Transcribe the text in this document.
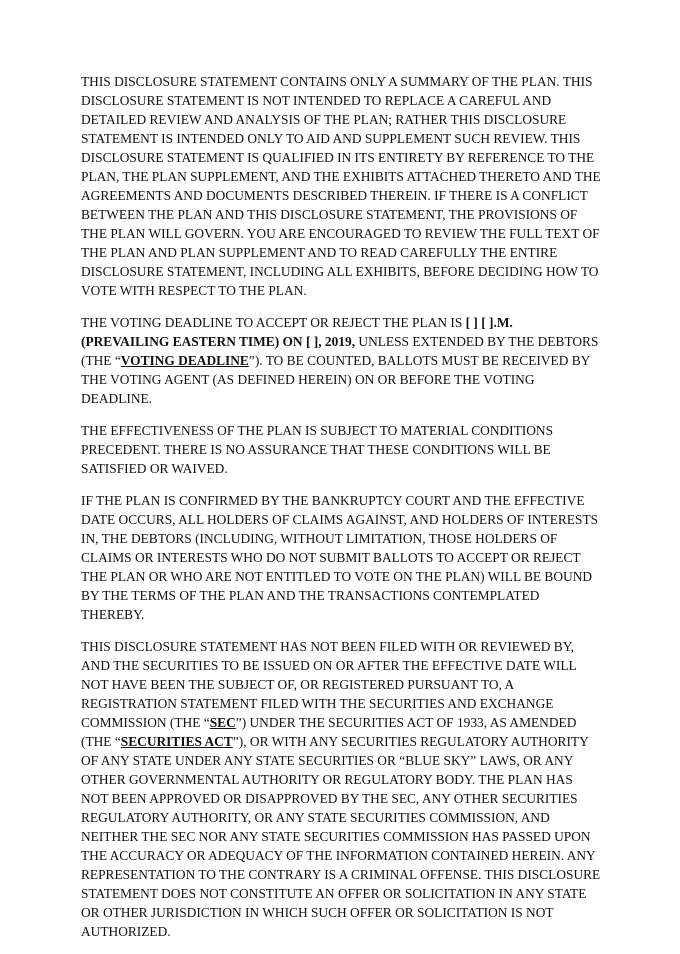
THIS DISCLOSURE STATEMENT CONTAINS ONLY A SUMMARY OF THE PLAN. THIS DISCLOSURE STATEMENT IS NOT INTENDED TO REPLACE A CAREFUL AND DETAILED REVIEW AND ANALYSIS OF THE PLAN; RATHER THIS DISCLOSURE STATEMENT IS INTENDED ONLY TO AID AND SUPPLEMENT SUCH REVIEW. THIS DISCLOSURE STATEMENT IS QUALIFIED IN ITS ENTIRETY BY REFERENCE TO THE PLAN, THE PLAN SUPPLEMENT, AND THE EXHIBITS ATTACHED THERETO AND THE AGREEMENTS AND DOCUMENTS DESCRIBED THEREIN. IF THERE IS A CONFLICT BETWEEN THE PLAN AND THIS DISCLOSURE STATEMENT, THE PROVISIONS OF THE PLAN WILL GOVERN. YOU ARE ENCOURAGED TO REVIEW THE FULL TEXT OF THE PLAN AND PLAN SUPPLEMENT AND TO READ CAREFULLY THE ENTIRE DISCLOSURE STATEMENT, INCLUDING ALL EXHIBITS, BEFORE DECIDING HOW TO VOTE WITH RESPECT TO THE PLAN.

THE VOTING DEADLINE TO ACCEPT OR REJECT THE PLAN IS [ ] [ ].M. (PREVAILING EASTERN TIME) ON [ ], 2019, UNLESS EXTENDED BY THE DEBTORS (THE “VOTING DEADLINE”). TO BE COUNTED, BALLOTS MUST BE RECEIVED BY THE VOTING AGENT (AS DEFINED HEREIN) ON OR BEFORE THE VOTING DEADLINE.

THE EFFECTIVENESS OF THE PLAN IS SUBJECT TO MATERIAL CONDITIONS PRECEDENT. THERE IS NO ASSURANCE THAT THESE CONDITIONS WILL BE SATISFIED OR WAIVED.

IF THE PLAN IS CONFIRMED BY THE BANKRUPTCY COURT AND THE EFFECTIVE DATE OCCURS, ALL HOLDERS OF CLAIMS AGAINST, AND HOLDERS OF INTERESTS IN, THE DEBTORS (INCLUDING, WITHOUT LIMITATION, THOSE HOLDERS OF CLAIMS OR INTERESTS WHO DO NOT SUBMIT BALLOTS TO ACCEPT OR REJECT THE PLAN OR WHO ARE NOT ENTITLED TO VOTE ON THE PLAN) WILL BE BOUND BY THE TERMS OF THE PLAN AND THE TRANSACTIONS CONTEMPLATED THEREBY.

THIS DISCLOSURE STATEMENT HAS NOT BEEN FILED WITH OR REVIEWED BY, AND THE SECURITIES TO BE ISSUED ON OR AFTER THE EFFECTIVE DATE WILL NOT HAVE BEEN THE SUBJECT OF, OR REGISTERED PURSUANT TO, A REGISTRATION STATEMENT FILED WITH THE SECURITIES AND EXCHANGE COMMISSION (THE “SEC”) UNDER THE SECURITIES ACT OF 1933, AS AMENDED (THE “SECURITIES ACT”), OR WITH ANY SECURITIES REGULATORY AUTHORITY OF ANY STATE UNDER ANY STATE SECURITIES OR “BLUE SKY” LAWS, OR ANY OTHER GOVERNMENTAL AUTHORITY OR REGULATORY BODY. THE PLAN HAS NOT BEEN APPROVED OR DISAPPROVED BY THE SEC, ANY OTHER SECURITIES REGULATORY AUTHORITY, OR ANY STATE SECURITIES COMMISSION, AND NEITHER THE SEC NOR ANY STATE SECURITIES COMMISSION HAS PASSED UPON THE ACCURACY OR ADEQUACY OF THE INFORMATION CONTAINED HEREIN. ANY REPRESENTATION TO THE CONTRARY IS A CRIMINAL OFFENSE. THIS DISCLOSURE STATEMENT DOES NOT CONSTITUTE AN OFFER OR SOLICITATION IN ANY STATE OR OTHER JURISDICTION IN WHICH SUCH OFFER OR SOLICITATION IS NOT AUTHORIZED.
